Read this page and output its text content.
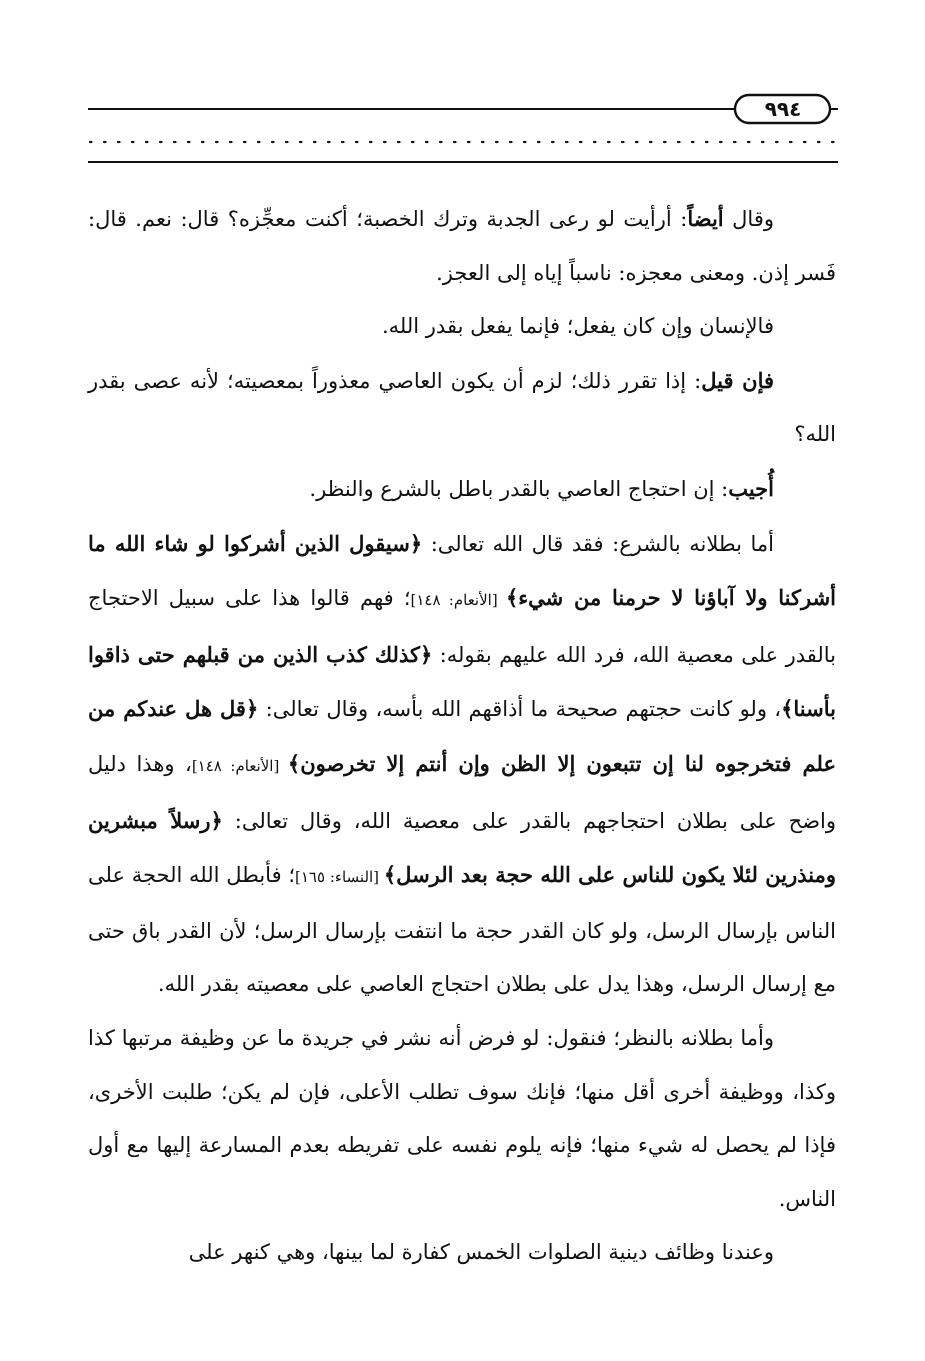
٩٩٤

وقال أيضاً: أرأيت لو رعى الجدبة وترك الخصبة؛ أكنت معجِّزه؟ قال: نعم. قال: فَسر إذن. ومعنى معجزه: ناسباً إياه إلى العجز.

فالإنسان وإن كان يفعل؛ فإنما يفعل بقدر الله.

فإن قيل: إذا تقرر ذلك؛ لزم أن يكون العاصي معذوراً بمعصيته؛ لأنه عصى بقدر الله؟

أُجيب: إن احتجاج العاصي بالقدر باطل بالشرع والنظر.

أما بطلانه بالشرع: فقد قال الله تعالى: ﴿سيقول الذين أشركوا لو شاء الله ما أشركنا ولا آباؤنا لا حرمنا من شيء﴾ [الأنعام: ١٤٨]؛ فهم قالوا هذا على سبيل الاحتجاج بالقدر على معصية الله، فرد الله عليهم بقوله: ﴿كذلك كذب الذين من قبلهم حتى ذاقوا بأسنا﴾، ولو كانت حجتهم صحيحة ما أذاقهم الله بأسه، وقال تعالى: ﴿قل هل عندكم من علم فتخرجوه لنا إن تتبعون إلا الظن وإن أنتم إلا تخرصون﴾ [الأنعام: ١٤٨]، وهذا دليل واضح على بطلان احتجاجهم بالقدر على معصية الله، وقال تعالى: ﴿رسلاً مبشرين ومنذرين لئلا يكون للناس على الله حجة بعد الرسل﴾ [النساء: ١٦٥]؛ فأبطل الله الحجة على الناس بإرسال الرسل، ولو كان القدر حجة ما انتفت بإرسال الرسل؛ لأن القدر باق حتى مع إرسال الرسل، وهذا يدل على بطلان احتجاج العاصي على معصيته بقدر الله.

وأما بطلانه بالنظر؛ فنقول: لو فرض أنه نشر في جريدة ما عن وظيفة مرتبها كذا وكذا، ووظيفة أخرى أقل منها؛ فإنك سوف تطلب الأعلى، فإن لم يكن؛ طلبت الأخرى، فإذا لم يحصل له شيء منها؛ فإنه يلوم نفسه على تفريطه بعدم المسارعة إليها مع أول الناس.

وعندنا وظائف دينية الصلوات الخمس كفارة لما بينها، وهي كنهر على
